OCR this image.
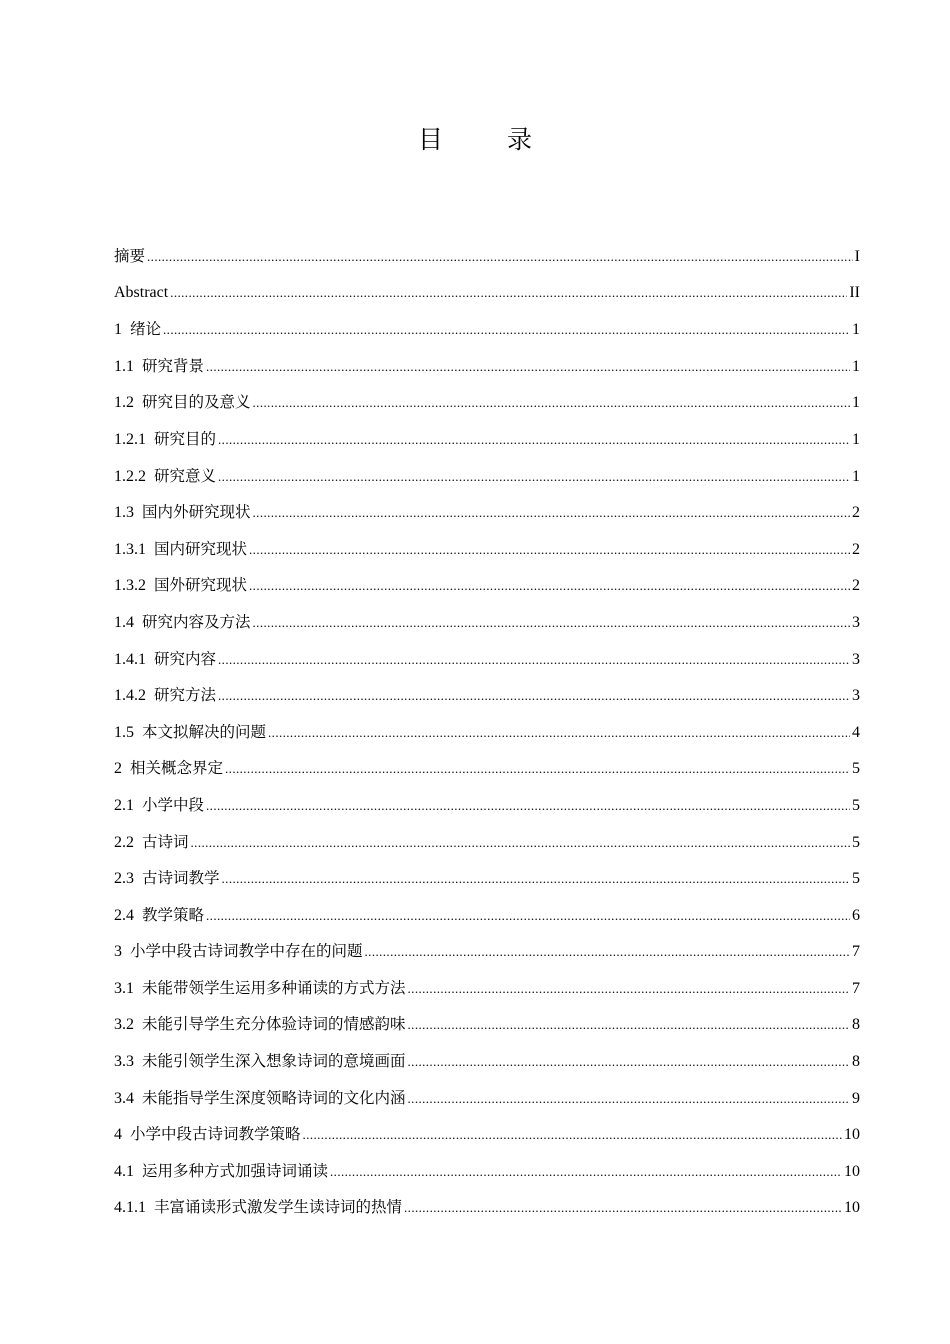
目 录
摘要 .....	I
Abstract .....	II
1 绪论 .....	1
1.1 研究背景 .....	1
1.2 研究目的及意义 .....	1
1.2.1 研究目的 .....	1
1.2.2 研究意义 .....	1
1.3 国内外研究现状 .....	2
1.3.1 国内研究现状 .....	2
1.3.2 国外研究现状 .....	2
1.4 研究内容及方法 .....	3
1.4.1 研究内容 .....	3
1.4.2 研究方法 .....	3
1.5 本文拟解决的问题 .....	4
2 相关概念界定 .....	5
2.1 小学中段 .....	5
2.2 古诗词 .....	5
2.3 古诗词教学 .....	5
2.4 教学策略 .....	6
3 小学中段古诗词教学中存在的问题 .....	7
3.1 未能带领学生运用多种诵读的方式方法 .....	7
3.2 未能引导学生充分体验诗词的情感韵味 .....	8
3.3 未能引领学生深入想象诗词的意境画面 .....	8
3.4 未能指导学生深度领略诗词的文化内涵 .....	9
4 小学中段古诗词教学策略 .....	10
4.1 运用多种方式加强诗词诵读 .....	10
4.1.1 丰富诵读形式激发学生读诗词的热情 .....	10
